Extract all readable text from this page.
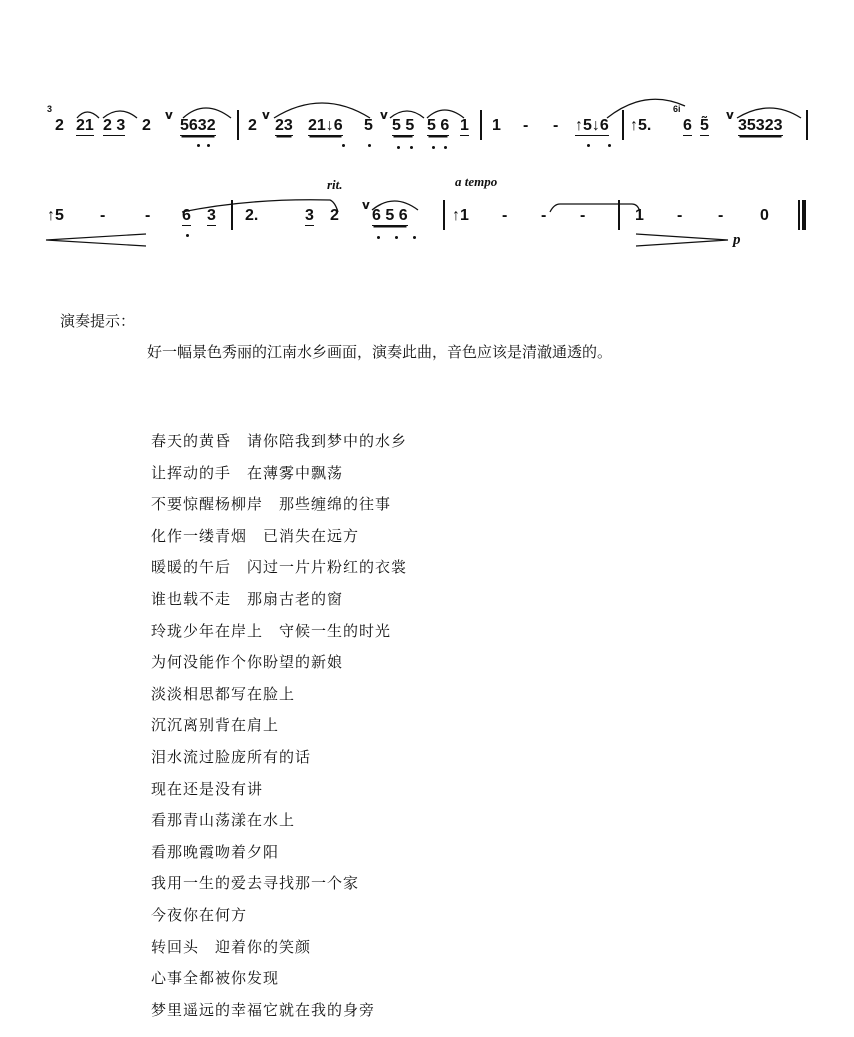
3
2 21 2 3 2
v
5632 2
v
23 21↓6 5
v
5 5 5 6 1 1 - - ↑5↓6 ↑5.
6i
6 5̃
v
35323
rit.	a tempo
↑5 - - 6 3 2.	3 2
v
6 5 6	↑1 - - -	1 - - 0
p
演奏提示：
好一幅景色秀丽的江南水乡画面，演奏此曲，音色应该是清澈通透的。
春天的黄昏　请你陪我到梦中的水乡
让挥动的手　在薄雾中飘荡
不要惊醒杨柳岸　那些缠绵的往事
化作一缕青烟　已消失在远方
暖暖的午后　闪过一片片粉红的衣裳
谁也载不走　那扇古老的窗
玲珑少年在岸上　守候一生的时光
为何没能作个你盼望的新娘
淡淡相思都写在脸上
沉沉离别背在肩上
泪水流过脸庞所有的话
现在还是没有讲
看那青山荡漾在水上
看那晚霞吻着夕阳
我用一生的爱去寻找那一个家
今夜你在何方
转回头　迎着你的笑颜
心事全都被你发现
梦里遥远的幸福它就在我的身旁
